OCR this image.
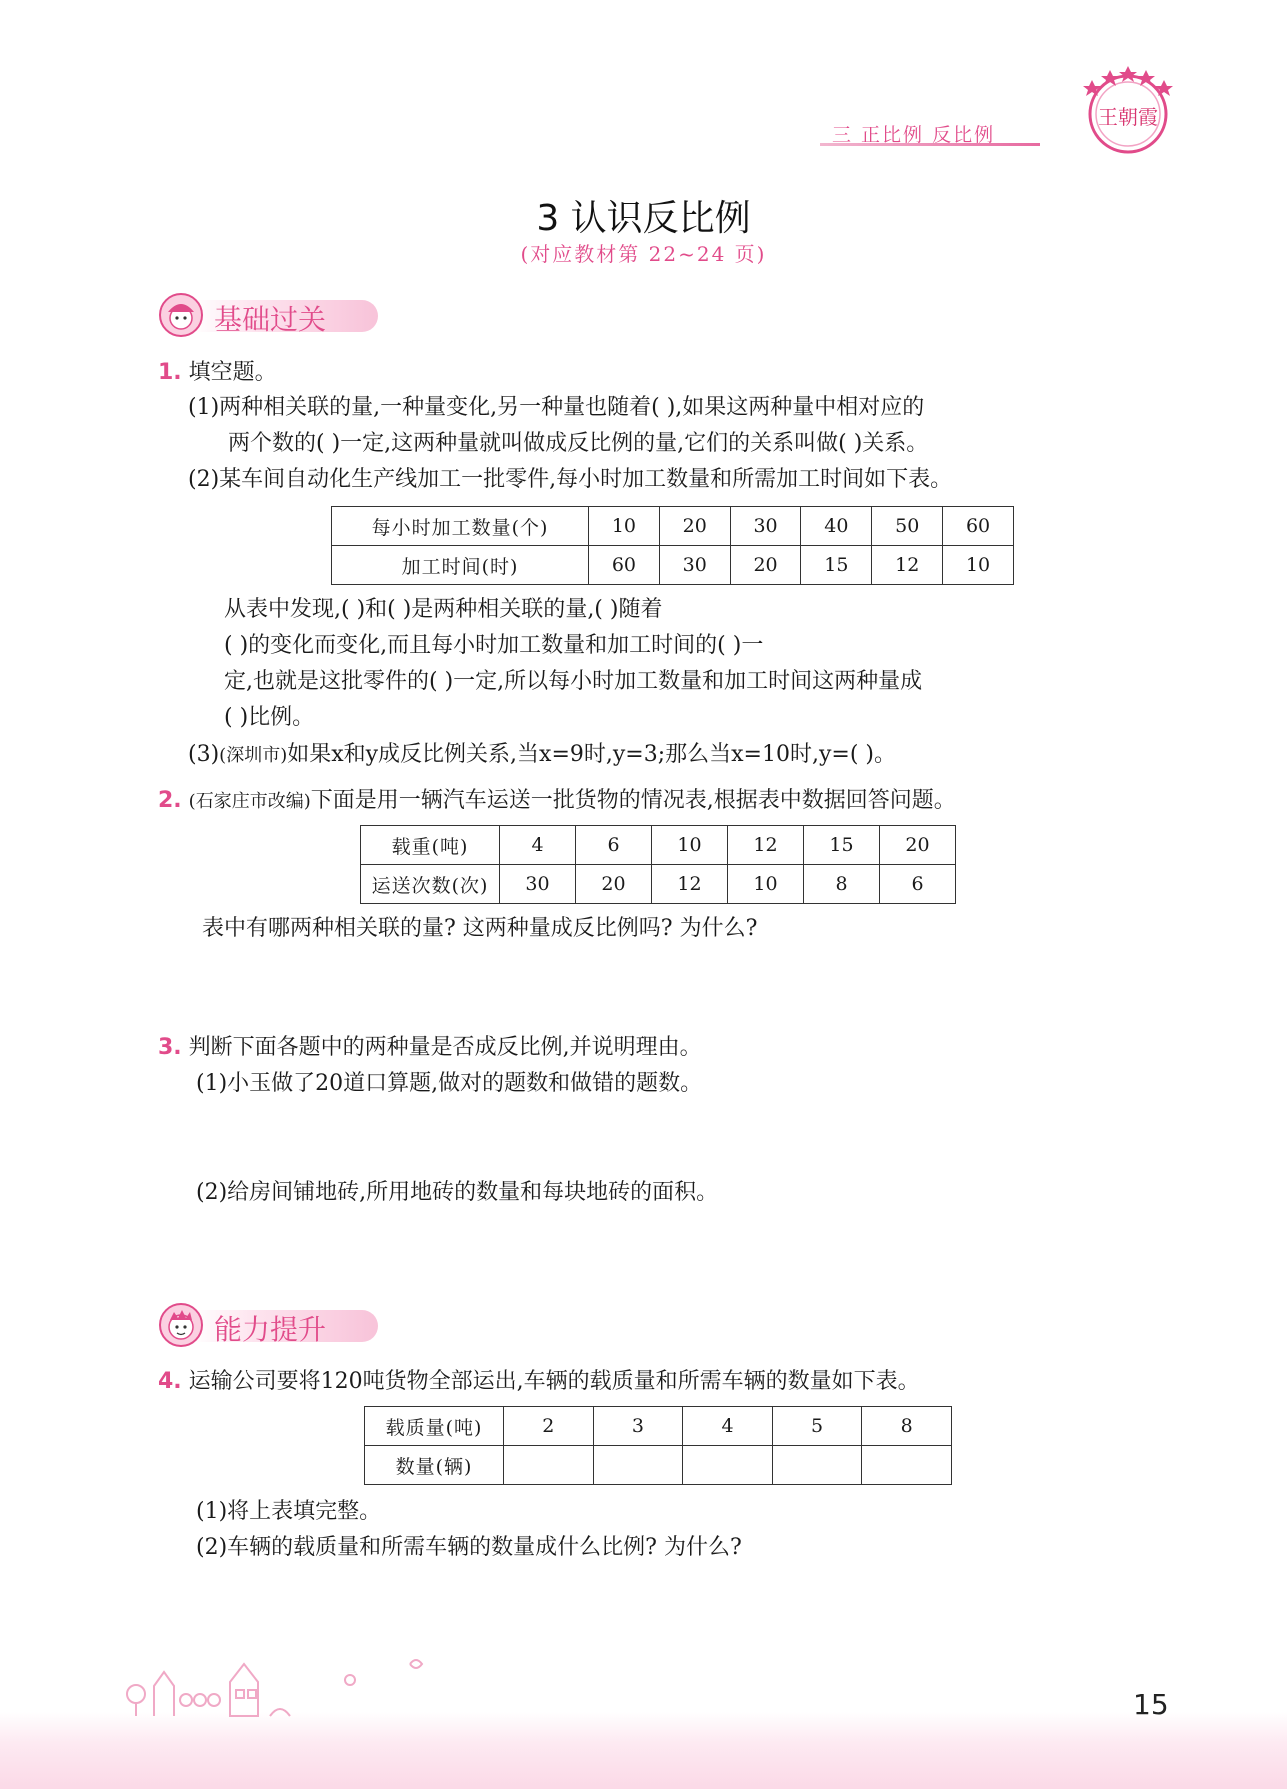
三 正比例 反比例
王朝霞
3 认识反比例
(对应教材第 22~24 页)
基础过关
1. 填空题。
(1)两种相关联的量,一种量变化,另一种量也随着( ),如果这两种量中相对应的
两个数的( )一定,这两种量就叫做成反比例的量,它们的关系叫做( )关系。
(2)某车间自动化生产线加工一批零件,每小时加工数量和所需加工时间如下表。
每小时加工数量(个)	10	20	30	40	50	60
加工时间(时)	60	30	20	15	12	10
从表中发现,( )和( )是两种相关联的量,( )随着
( )的变化而变化,而且每小时加工数量和加工时间的( )一
定,也就是这批零件的( )一定,所以每小时加工数量和加工时间这两种量成
( )比例。
(3)(深圳市)如果x和y成反比例关系,当x=9时,y=3;那么当x=10时,y=( )。
2. (石家庄市改编)下面是用一辆汽车运送一批货物的情况表,根据表中数据回答问题。
载重(吨)	4	6	10	12	15	20
运送次数(次)	30	20	12	10	8	6
表中有哪两种相关联的量? 这两种量成反比例吗? 为什么?
3. 判断下面各题中的两种量是否成反比例,并说明理由。
(1)小玉做了20道口算题,做对的题数和做错的题数。
(2)给房间铺地砖,所用地砖的数量和每块地砖的面积。
能力提升
4. 运输公司要将120吨货物全部运出,车辆的载质量和所需车辆的数量如下表。
载质量(吨)	2	3	4	5	8
数量(辆)					
(1)将上表填完整。
(2)车辆的载质量和所需车辆的数量成什么比例? 为什么?
15
